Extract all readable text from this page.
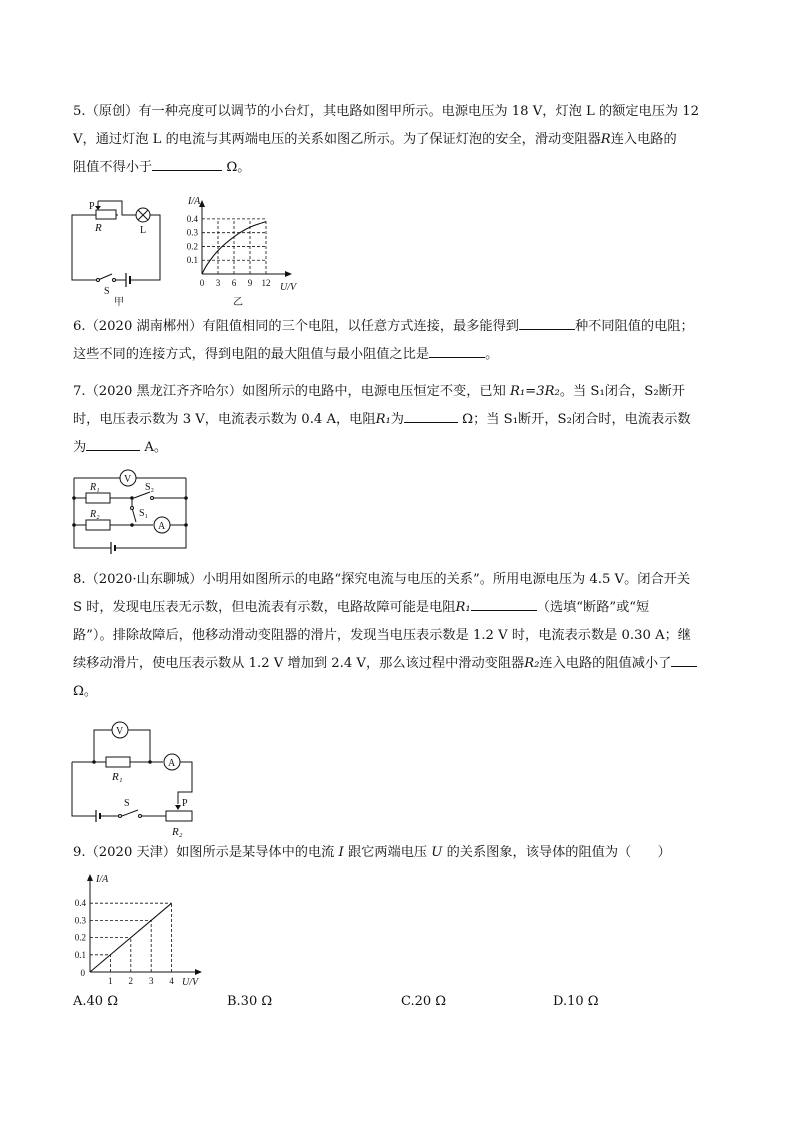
5.（原创）有一种亮度可以调节的小台灯，其电路如图甲所示。电源电压为 18 V，灯泡 L 的额定电压为 12
V，通过灯泡 L 的电流与其两端电压的关系如图乙所示。为了保证灯泡的安全，滑动变阻器R连入电路的
阻值不得小于	Ω。
P
R	L
S
甲
I/A
U/V
0.1
0.2
0.3
0.4
0 3 6 9 12
乙
6.（2020 湖南郴州）有阻值相同的三个电阻，以任意方式连接，最多能得到	种不同阻值的电阻；
这些不同的连接方式，得到电阻的最大阻值与最小阻值之比是	。
7.（2020 黑龙江齐齐哈尔）如图所示的电路中，电源电压恒定不变，已知 R₁=3R₂。当 S₁闭合，S₂断开
时，电压表示数为 3 V，电流表示数为 0.4 A，电阻R₁为	Ω；当 S₁断开，S₂闭合时，电流表示数
为	A。
V
A
R₁
R₂
S₂
S₁
8.（2020·山东聊城）小明用如图所示的电路“探究电流与电压的关系”。所用电源电压为 4.5 V。闭合开关
S 时，发现电压表无示数，但电流表有示数，电路故障可能是电阻R₁	（选填“断路”或“短
路”）。排除故障后，他移动滑动变阻器的滑片，发现当电压表示数是 1.2 V 时，电流表示数是 0.30 A；继
续移动滑片，使电压表示数从 1.2 V 增加到 2.4 V，那么该过程中滑动变阻器R₂连入电路的阻值减小了
Ω。
V
A
R₁
R₂
S	P
9.（2020 天津）如图所示是某导体中的电流 I 跟它两端电压 U 的关系图象，该导体的阻值为（　　）
I/A
U/V
0.1
0.2
0.3
0.4
1 2 3 4
0
A.40 Ω	B.30 Ω	C.20 Ω	D.10 Ω
